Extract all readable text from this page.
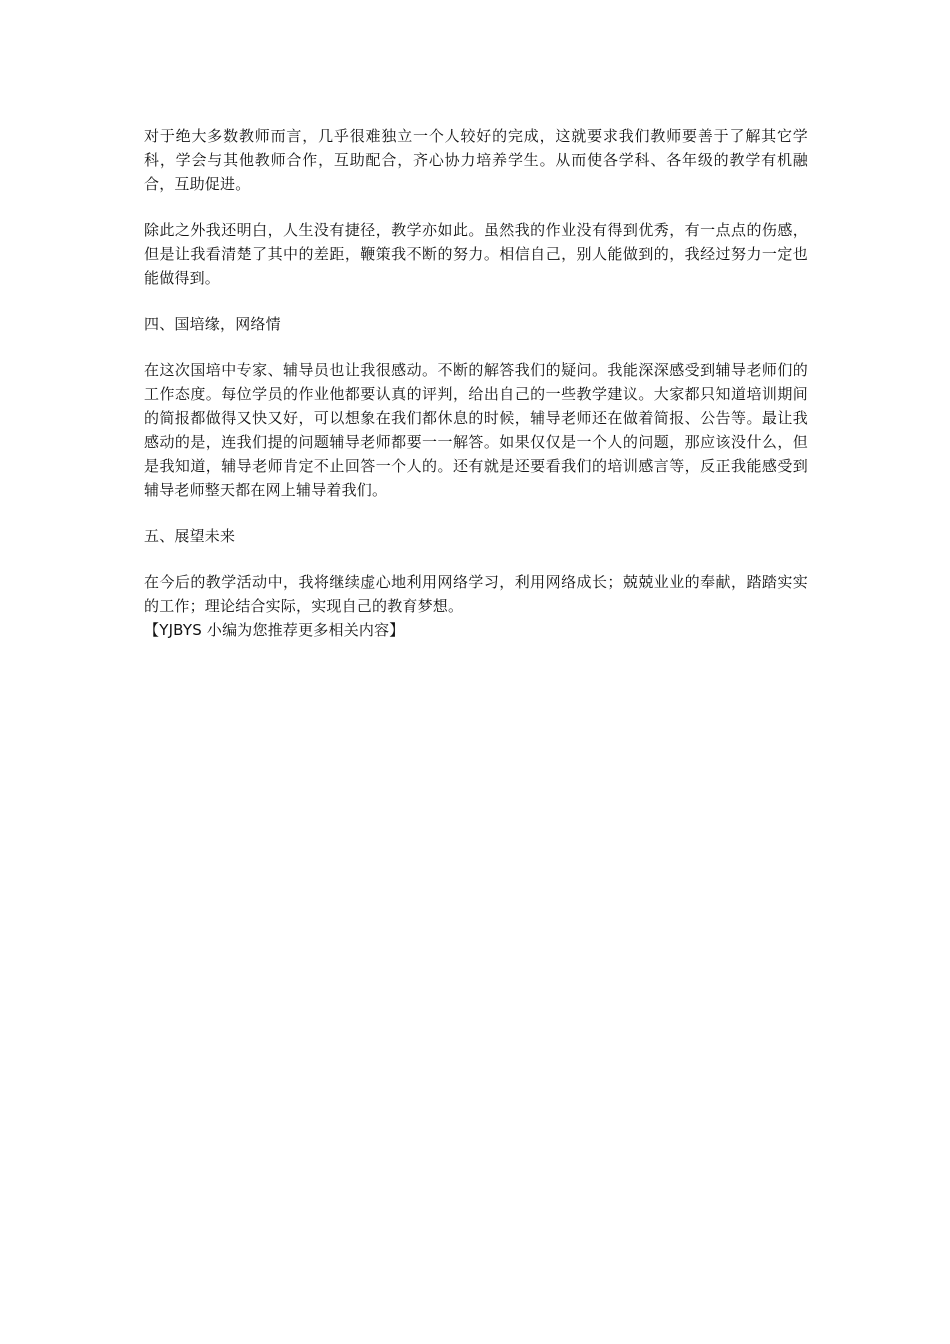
对于绝大多数教师而言，几乎很难独立一个人较好的完成，这就要求我们教师要善于了解其它学科，学会与其他教师合作，互助配合，齐心协力培养学生。从而使各学科、各年级的教学有机融合，互助促进。

除此之外我还明白，人生没有捷径，教学亦如此。虽然我的作业没有得到优秀，有一点点的伤感，但是让我看清楚了其中的差距，鞭策我不断的努力。相信自己，别人能做到的，我经过努力一定也能做得到。

四、国培缘，网络情

在这次国培中专家、辅导员也让我很感动。不断的解答我们的疑问。我能深深感受到辅导老师们的工作态度。每位学员的作业他都要认真的评判，给出自己的一些教学建议。大家都只知道培训期间的简报都做得又快又好，可以想象在我们都休息的时候，辅导老师还在做着简报、公告等。最让我感动的是，连我们提的问题辅导老师都要一一解答。如果仅仅是一个人的问题，那应该没什么，但是我知道，辅导老师肯定不止回答一个人的。还有就是还要看我们的培训感言等，反正我能感受到辅导老师整天都在网上辅导着我们。

五、展望未来

在今后的教学活动中，我将继续虚心地利用网络学习，利用网络成长；兢兢业业的奉献，踏踏实实的工作；理论结合实际，实现自己的教育梦想。

【YJBYS 小编为您推荐更多相关内容】
